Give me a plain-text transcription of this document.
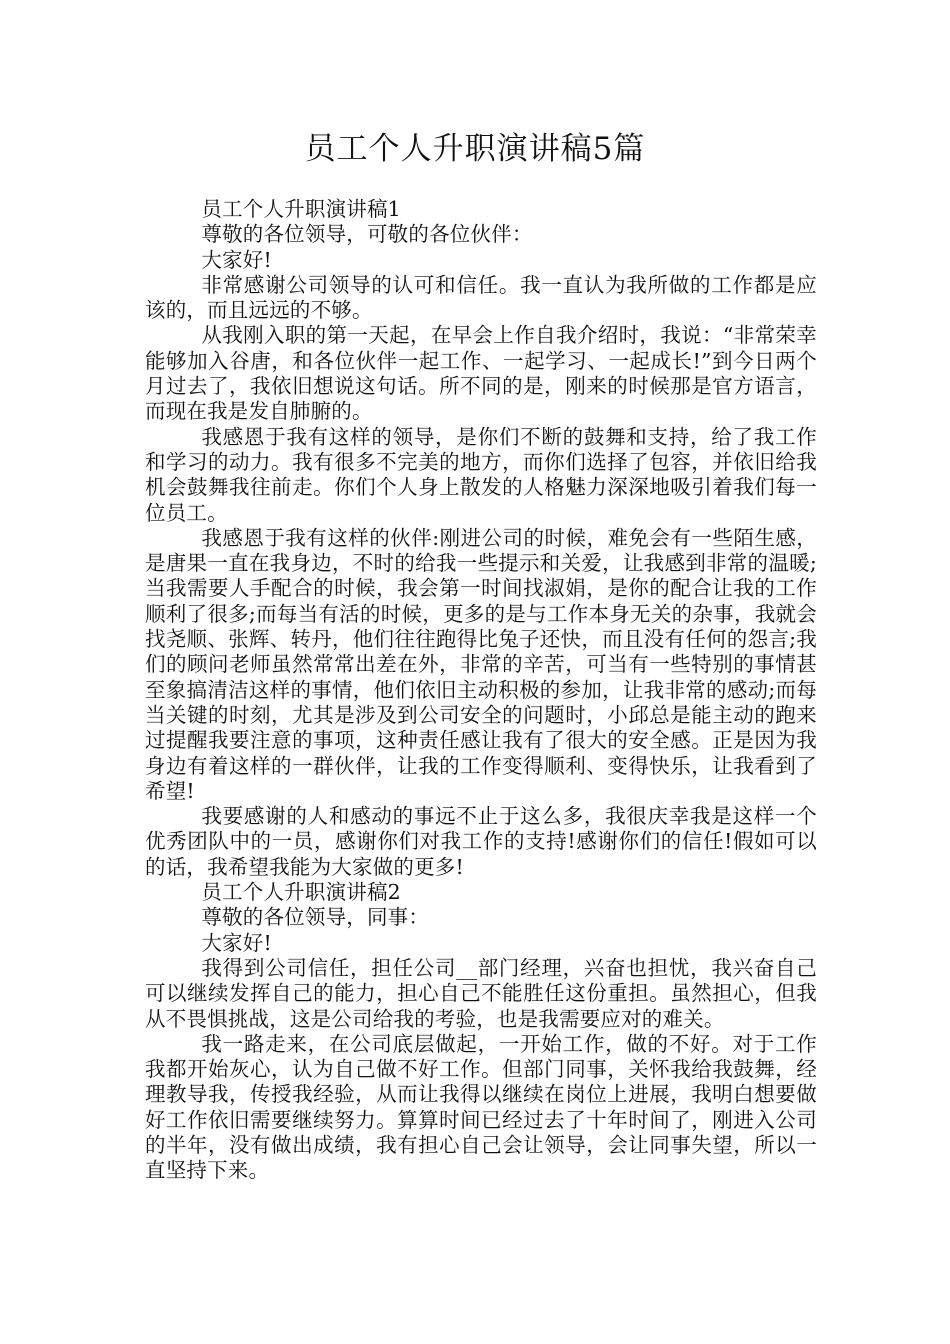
员工个人升职演讲稿5篇

员工个人升职演讲稿1

尊敬的各位领导，可敬的各位伙伴：

大家好!

非常感谢公司领导的认可和信任。我一直认为我所做的工作都是应该的，而且远远的不够。

从我刚入职的第一天起，在早会上作自我介绍时，我说：“非常荣幸能够加入谷唐，和各位伙伴一起工作、一起学习、一起成长!”到今日两个月过去了，我依旧想说这句话。所不同的是，刚来的时候那是官方语言，而现在我是发自肺腑的。

我感恩于我有这样的领导，是你们不断的鼓舞和支持，给了我工作和学习的动力。我有很多不完美的地方，而你们选择了包容，并依旧给我机会鼓舞我往前走。你们个人身上散发的人格魅力深深地吸引着我们每一位员工。

我感恩于我有这样的伙伴:刚进公司的时候，难免会有一些陌生感，是唐果一直在我身边，不时的给我一些提示和关爱，让我感到非常的温暖;当我需要人手配合的时候，我会第一时间找淑娟，是你的配合让我的工作顺利了很多;而每当有活的时候，更多的是与工作本身无关的杂事，我就会找尧顺、张辉、转丹，他们往往跑得比兔子还快，而且没有任何的怨言;我们的顾问老师虽然常常出差在外，非常的辛苦，可当有一些特别的事情甚至象搞清洁这样的事情，他们依旧主动积极的参加，让我非常的感动;而每当关键的时刻，尤其是涉及到公司安全的问题时，小邱总是能主动的跑来过提醒我要注意的事项，这种责任感让我有了很大的安全感。正是因为我身边有着这样的一群伙伴，让我的工作变得顺利、变得快乐，让我看到了希望!

我要感谢的人和感动的事远不止于这么多，我很庆幸我是这样一个优秀团队中的一员，感谢你们对我工作的支持!感谢你们的信任!假如可以的话，我希望我能为大家做的更多!

员工个人升职演讲稿2

尊敬的各位领导，同事：

大家好!

我得到公司信任，担任公司__部门经理，兴奋也担忧，我兴奋自己可以继续发挥自己的能力，担心自己不能胜任这份重担。虽然担心，但我从不畏惧挑战，这是公司给我的考验，也是我需要应对的难关。

我一路走来，在公司底层做起，一开始工作，做的不好。对于工作我都开始灰心，认为自己做不好工作。但部门同事，关怀我给我鼓舞，经理教导我，传授我经验，从而让我得以继续在岗位上进展，我明白想要做好工作依旧需要继续努力。算算时间已经过去了十年时间了，刚进入公司的半年，没有做出成绩，我有担心自己会让领导，会让同事失望，所以一直坚持下来。
